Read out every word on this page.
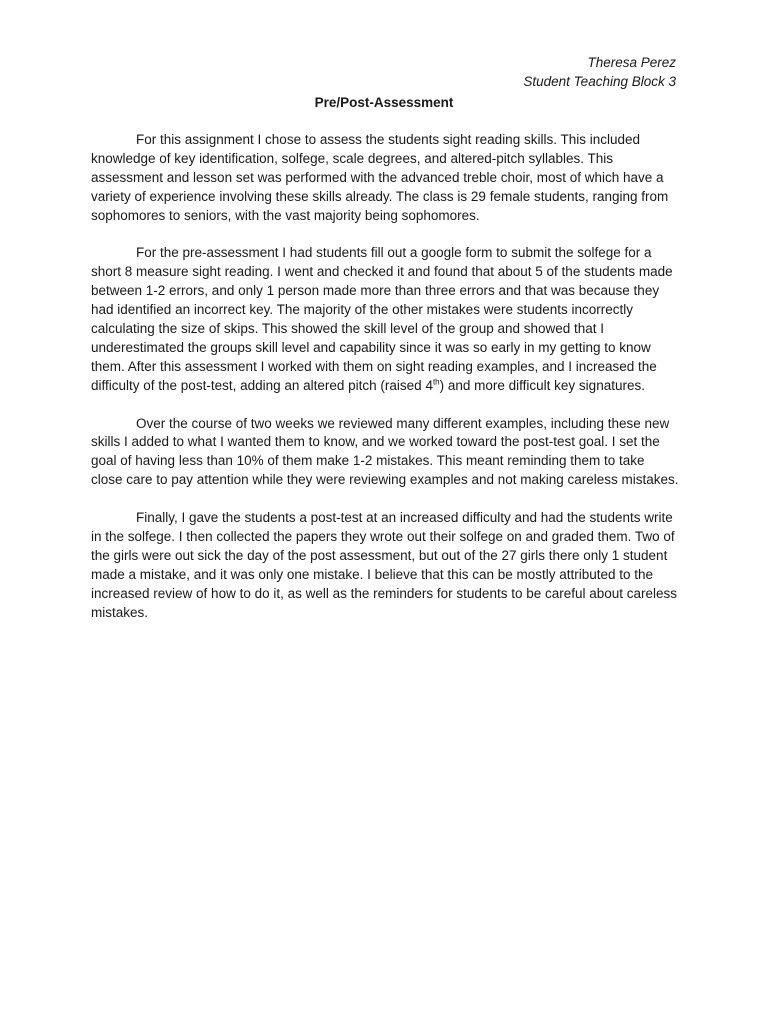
Theresa Perez
Student Teaching Block 3
Pre/Post-Assessment

For this assignment I chose to assess the students sight reading skills. This included knowledge of key identification, solfege, scale degrees, and altered-pitch syllables. This assessment and lesson set was performed with the advanced treble choir, most of which have a variety of experience involving these skills already. The class is 29 female students, ranging from sophomores to seniors, with the vast majority being sophomores.

For the pre-assessment I had students fill out a google form to submit the solfege for a short 8 measure sight reading. I went and checked it and found that about 5 of the students made between 1-2 errors, and only 1 person made more than three errors and that was because they had identified an incorrect key. The majority of the other mistakes were students incorrectly calculating the size of skips. This showed the skill level of the group and showed that I underestimated the groups skill level and capability since it was so early in my getting to know them. After this assessment I worked with them on sight reading examples, and I increased the difficulty of the post-test, adding an altered pitch (raised 4th) and more difficult key signatures.

Over the course of two weeks we reviewed many different examples, including these new skills I added to what I wanted them to know, and we worked toward the post-test goal. I set the goal of having less than 10% of them make 1-2 mistakes. This meant reminding them to take close care to pay attention while they were reviewing examples and not making careless mistakes.

Finally, I gave the students a post-test at an increased difficulty and had the students write in the solfege. I then collected the papers they wrote out their solfege on and graded them. Two of the girls were out sick the day of the post assessment, but out of the 27 girls there only 1 student made a mistake, and it was only one mistake. I believe that this can be mostly attributed to the increased review of how to do it, as well as the reminders for students to be careful about careless mistakes.
